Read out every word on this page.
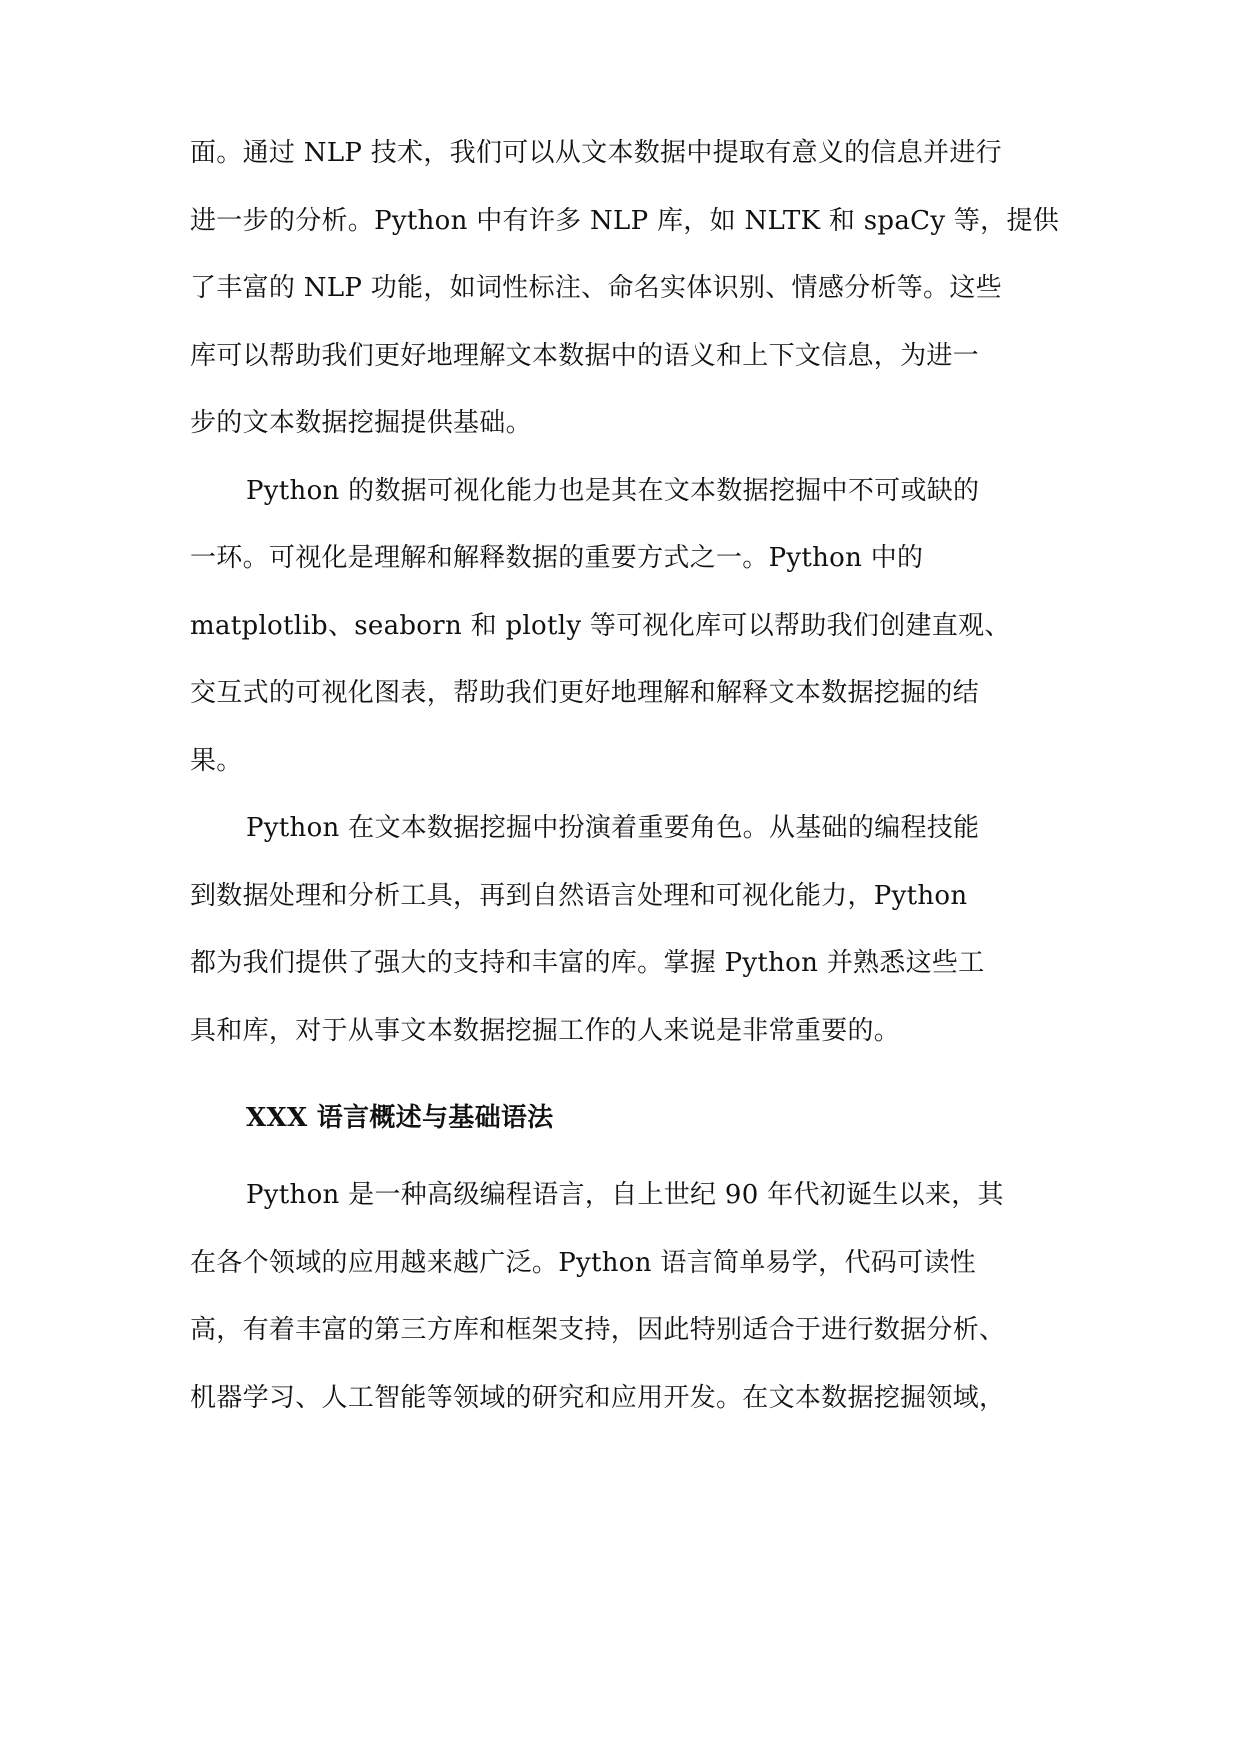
面。通过 NLP 技术，我们可以从文本数据中提取有意义的信息并进行
进一步的分析。Python 中有许多 NLP 库，如 NLTK 和 spaCy 等，提供
了丰富的 NLP 功能，如词性标注、命名实体识别、情感分析等。这些
库可以帮助我们更好地理解文本数据中的语义和上下文信息，为进一
步的文本数据挖掘提供基础。
Python 的数据可视化能力也是其在文本数据挖掘中不可或缺的
一环。可视化是理解和解释数据的重要方式之一。Python 中的
matplotlib、seaborn 和 plotly 等可视化库可以帮助我们创建直观、
交互式的可视化图表，帮助我们更好地理解和解释文本数据挖掘的结
果。
Python 在文本数据挖掘中扮演着重要角色。从基础的编程技能
到数据处理和分析工具，再到自然语言处理和可视化能力，Python
都为我们提供了强大的支持和丰富的库。掌握 Python 并熟悉这些工
具和库，对于从事文本数据挖掘工作的人来说是非常重要的。
XXX 语言概述与基础语法
Python 是一种高级编程语言，自上世纪 90 年代初诞生以来，其
在各个领域的应用越来越广泛。Python 语言简单易学，代码可读性
高，有着丰富的第三方库和框架支持，因此特别适合于进行数据分析、
机器学习、人工智能等领域的研究和应用开发。在文本数据挖掘领域，
